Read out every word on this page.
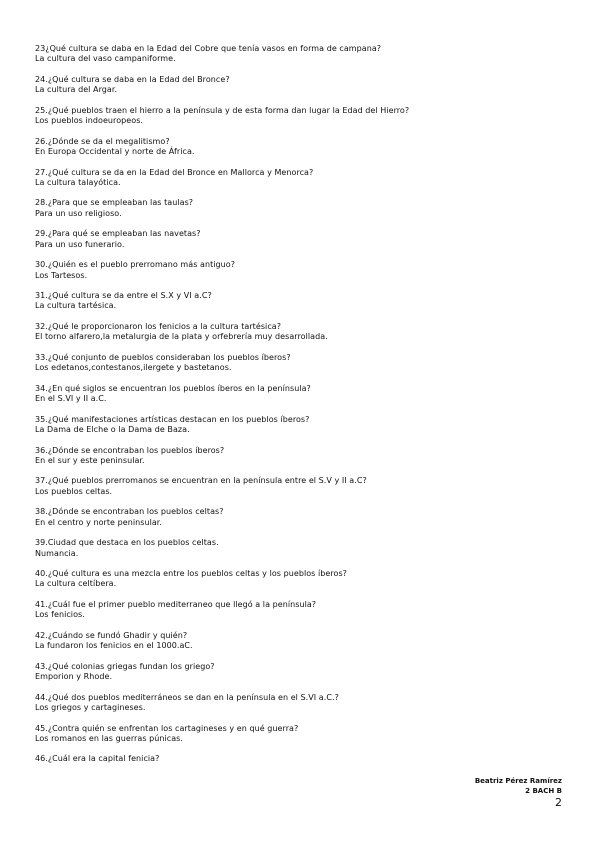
23¿Qué cultura se daba en la Edad del Cobre que tenía vasos en forma de campana?

La cultura del vaso campaniforme.

24.¿Qué cultura se daba en la Edad del Bronce?

La cultura del Argar.

25.¿Qué pueblos traen el hierro a la península y de esta forma dan lugar la Edad del Hierro?

Los pueblos indoeuropeos.

26.¿Dónde se da el megalitismo?

En Europa Occidental y norte de África.

27.¿Qué cultura se da en la Edad del Bronce en Mallorca y Menorca?

La cultura talayótica.

28.¿Para que se empleaban las taulas?

Para un uso religioso.

29.¿Para qué se empleaban las navetas?

Para un uso funerario.

30.¿Quién es el pueblo prerromano más antiguo?

Los Tartesos.

31.¿Qué cultura se da entre el S.X y VI a.C?

La cultura tartésica.

32.¿Qué le proporcionaron los fenicios a la cultura tartésica?

El torno alfarero,la metalurgia de la plata y orfebrería muy desarrollada.

33.¿Qué conjunto de pueblos consideraban los pueblos íberos?

Los edetanos,contestanos,ilergete y bastetanos.

34.¿En qué siglos se encuentran los pueblos íberos en la península?

En el S.VI y II a.C.

35.¿Qué manifestaciones artísticas destacan en los pueblos íberos?

La Dama de Elche o la Dama de Baza.

36.¿Dónde se encontraban los pueblos íberos?

En el sur y este peninsular.

37.¿Qué pueblos prerromanos se encuentran en la península entre el S.V y II a.C?

Los pueblos celtas.

38.¿Dónde se encontraban los pueblos celtas?

En el centro y norte peninsular.

39.Ciudad que destaca en los pueblos celtas.

Numancia.

40.¿Qué cultura es una mezcla entre los pueblos celtas y los pueblos íberos?

La cultura celtíbera.

41.¿Cuál fue el primer pueblo mediterraneo que llegó a la península?

Los fenicios.

42.¿Cuándo se fundó Ghadir y quién?

La fundaron los fenicios en el 1000.aC.

43.¿Qué colonias griegas fundan los griego?

Emporion y Rhode.

44.¿Qué dos pueblos mediterráneos se dan en la península en el S.VI a.C.?

Los griegos y cartagineses.

45.¿Contra quién se enfrentan los cartagineses y en qué guerra?

Los romanos en las guerras púnicas.

46.¿Cuál era la capital fenicia?

Beatriz Pérez Ramírez
2 BACH B
2
